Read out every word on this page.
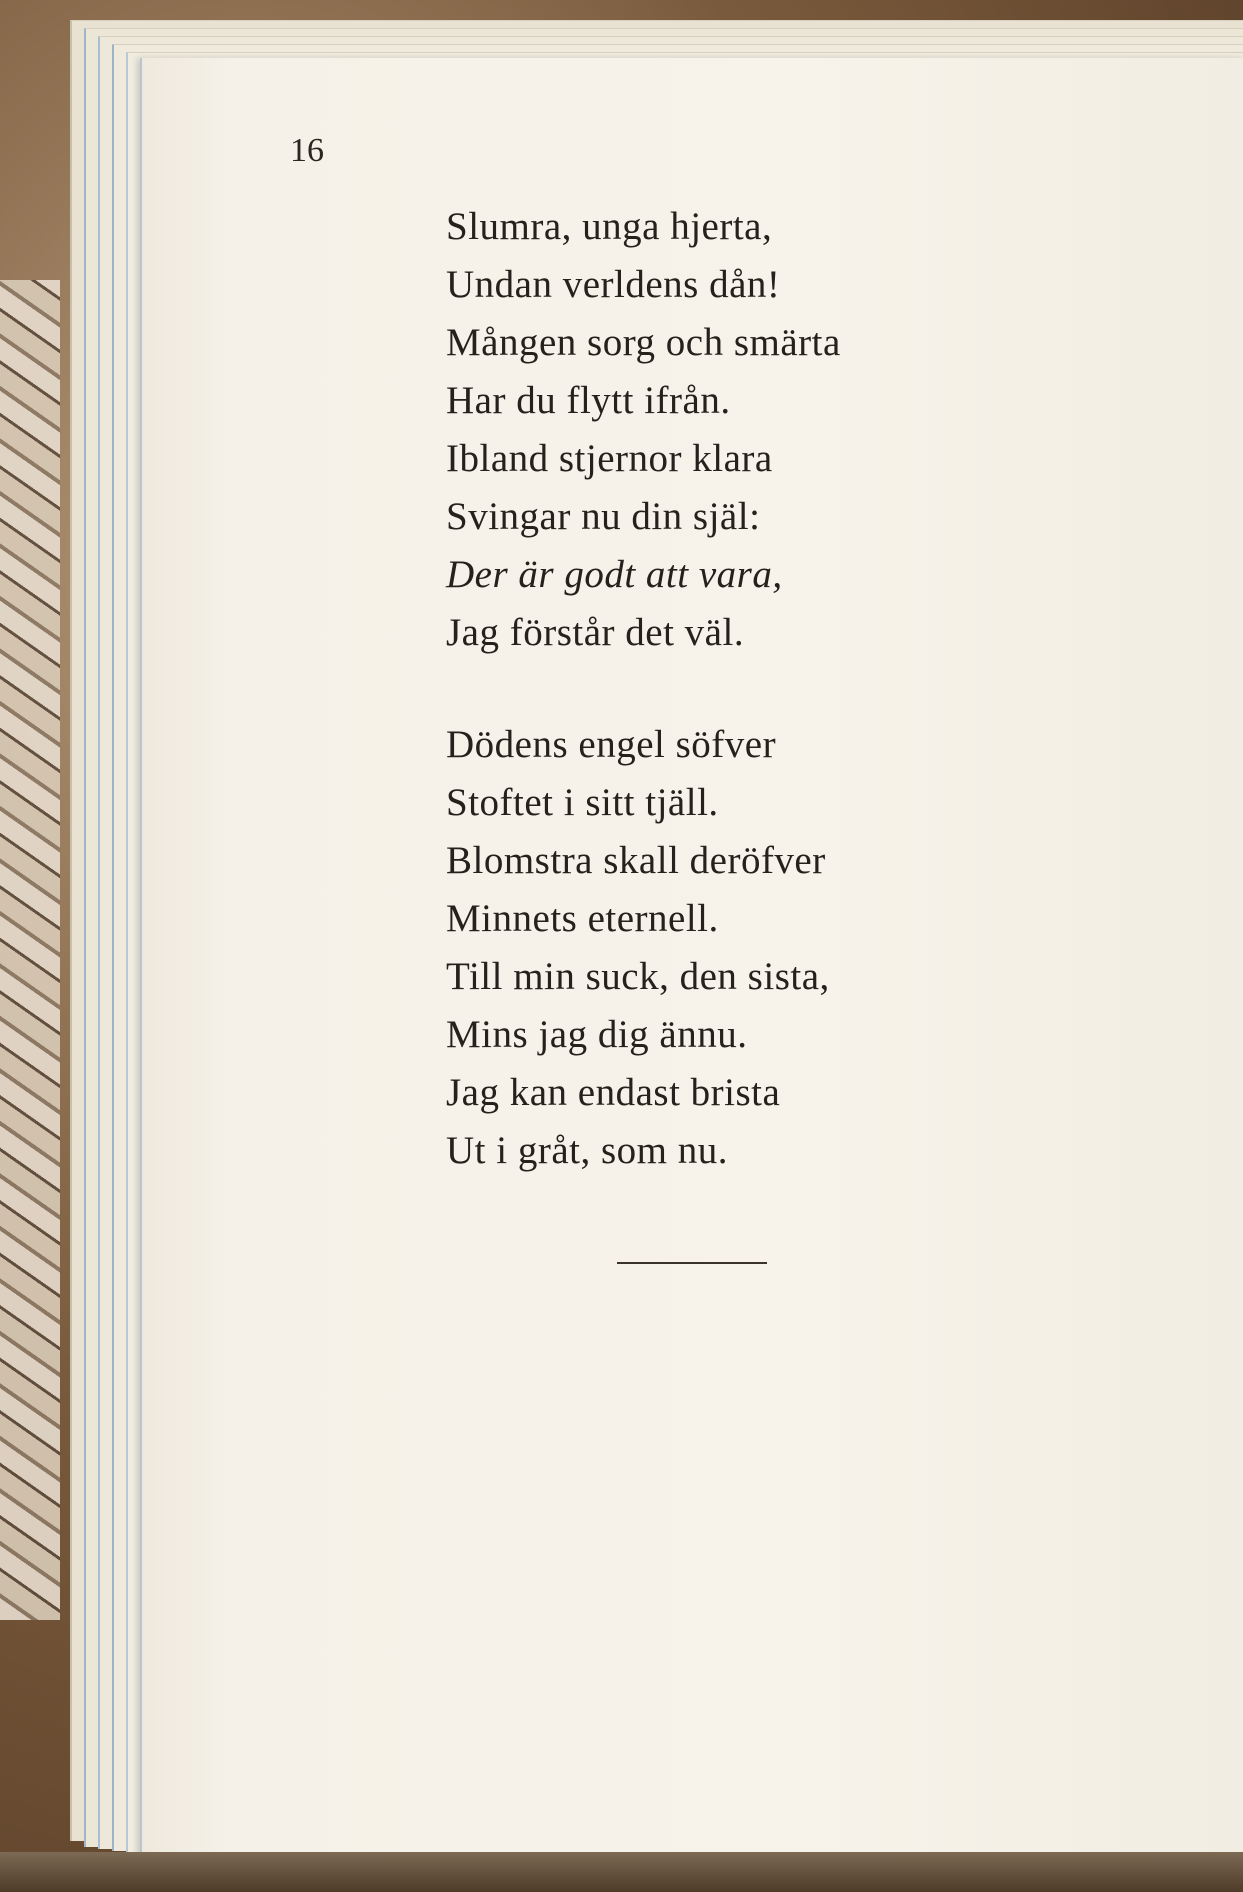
16
Slumra, unga hjerta,
Undan verldens dån!
Mången sorg och smärta
Har du flytt ifrån.
Ibland stjernor klara
Svingar nu din själ:
Der är godt att vara,
Jag förstår det väl.
Dödens engel söfver
Stoftet i sitt tjäll.
Blomstra skall deröfver
Minnets eternell.
Till min suck, den sista,
Mins jag dig ännu.
Jag kan endast brista
Ut i gråt, som nu.
